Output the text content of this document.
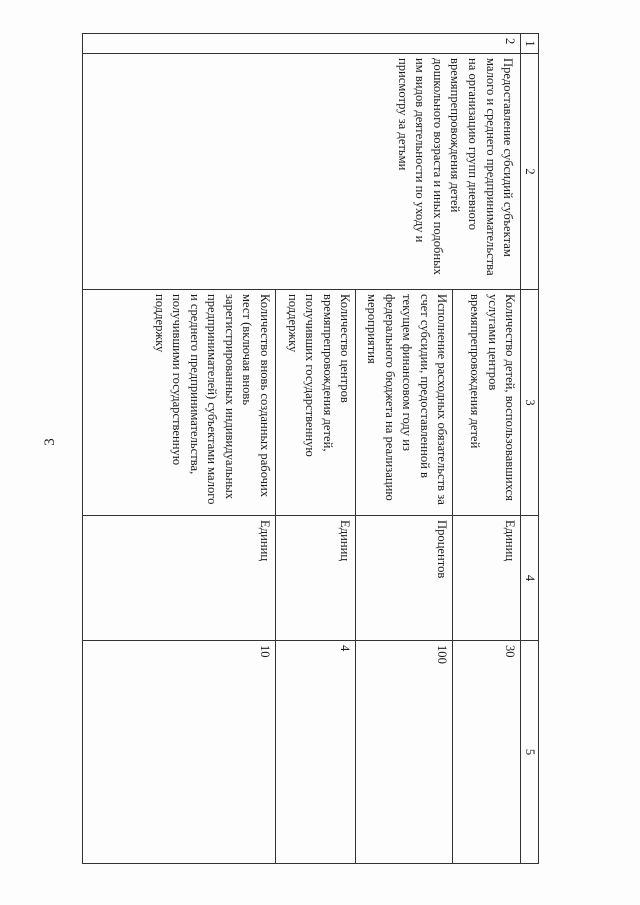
3
1	2	3	4	5
2	Предоставление субсидий субъектам малого и среднего предпринимательства на организацию групп дневного времяпрепровождения детей дошкольного возраста и иных подобных им видов деятельности по уходу и присмотру за детьми	Количество детей, воспользовавшихся услугами центров времяпрепровождения детей	Единиц	30
		Исполнение расходных обязательств за счет субсидии, предоставленной в текущем финансовом году из федерального бюджета на реализацию мероприятия	Процентов	100
		Количество центров времяпрепровождения детей, получивших государственную поддержку	Единиц	4
		Количество вновь созданных рабочих мест (включая вновь зарегистрированных индивидуальных предпринимателей) субъектами малого и среднего предпринимательства, получившими государственную поддержку	Единиц	10
